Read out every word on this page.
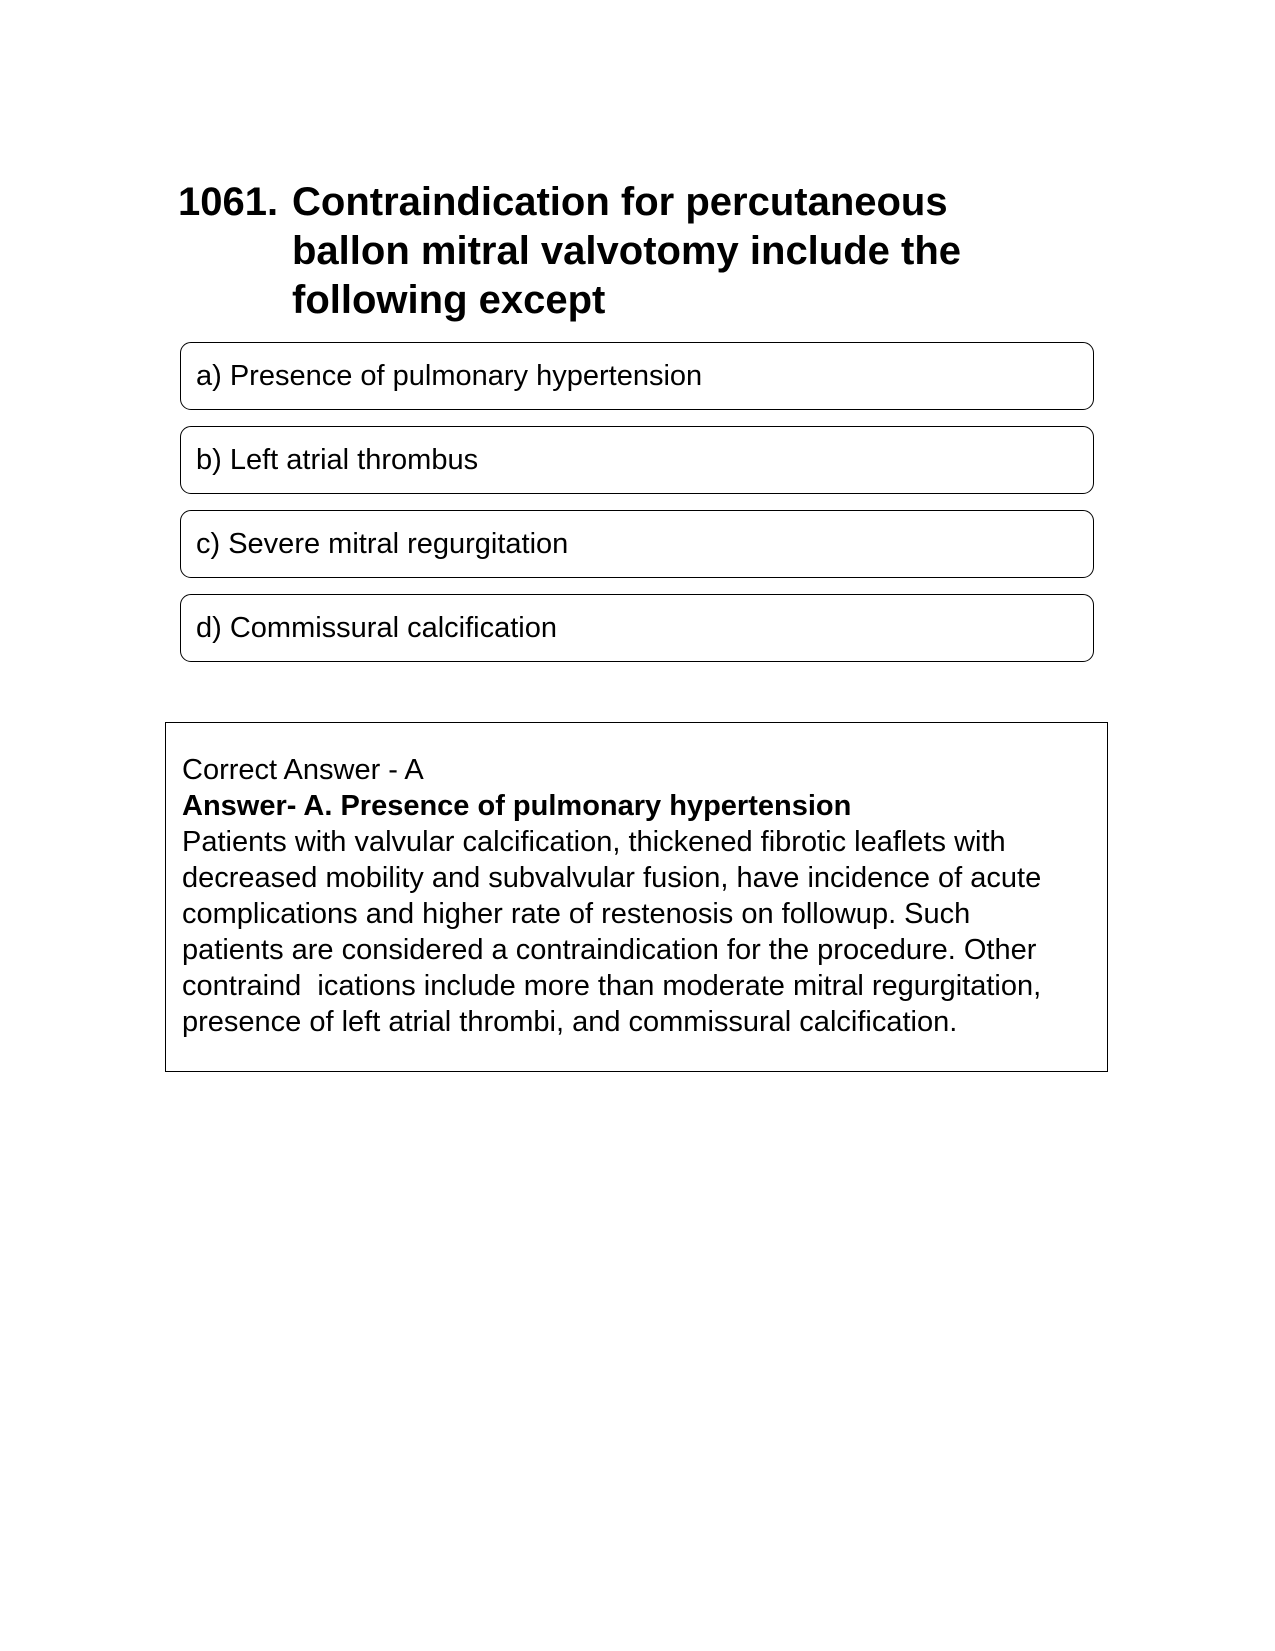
1061. Contraindication for percutaneous
ballon mitral valvotomy include the
following except
a) Presence of pulmonary hypertension
b) Left atrial thrombus
c) Severe mitral regurgitation
d) Commissural calcification

Correct Answer - A

Answer- A. Presence of pulmonary hypertension

Patients with valvular calcification, thickened fibrotic leaflets with

decreased mobility and subvalvular fusion, have incidence of acute

complications and higher rate of restenosis on followup. Such

patients are considered a contraindication for the procedure. Other

contraind  ications include more than moderate mitral regurgitation,

presence of left atrial thrombi, and commissural calcification.
